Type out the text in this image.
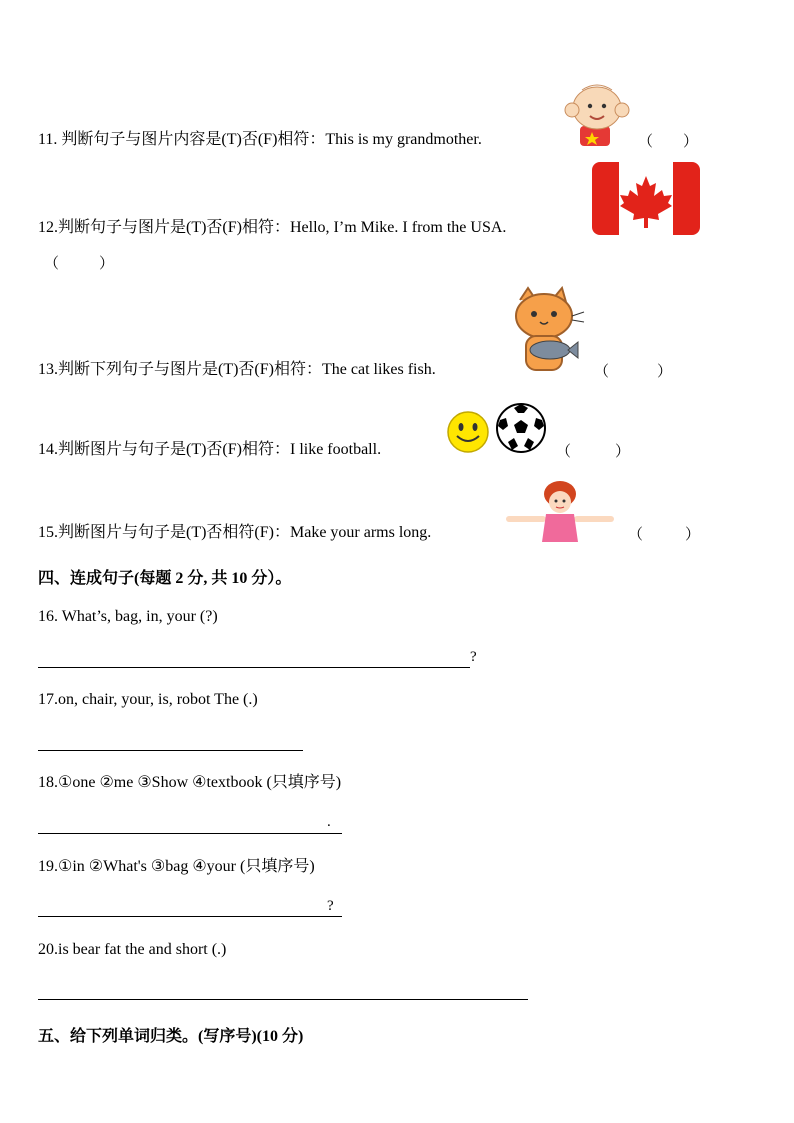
11. 判断句子与图片内容是(T)否(F)相符：This is my grandmother.	（ ）
12.判断句子与图片是(T)否(F)相符：Hello, I’m Mike. I from the USA.
（	）
13.判断下列句子与图片是(T)否(F)相符：The cat likes fish.	（	）
14.判断图片与句子是(T)否(F)相符：I like football.	（	）
15.判断图片与句子是(T)否相符(F)：Make your arms long.	（	）
四、连成句子(每题 2 分, 共 10 分）。
16. What’s, bag, in, your (?)
?
17.on, chair, your, is, robot The (.)
18.①one ②me ③Show ④textbook (只填序号)
.
19.①in ②What's ③bag ④your (只填序号)
?
20.is bear fat the and short (.)
五、给下列单词归类。(写序号)(10 分)
